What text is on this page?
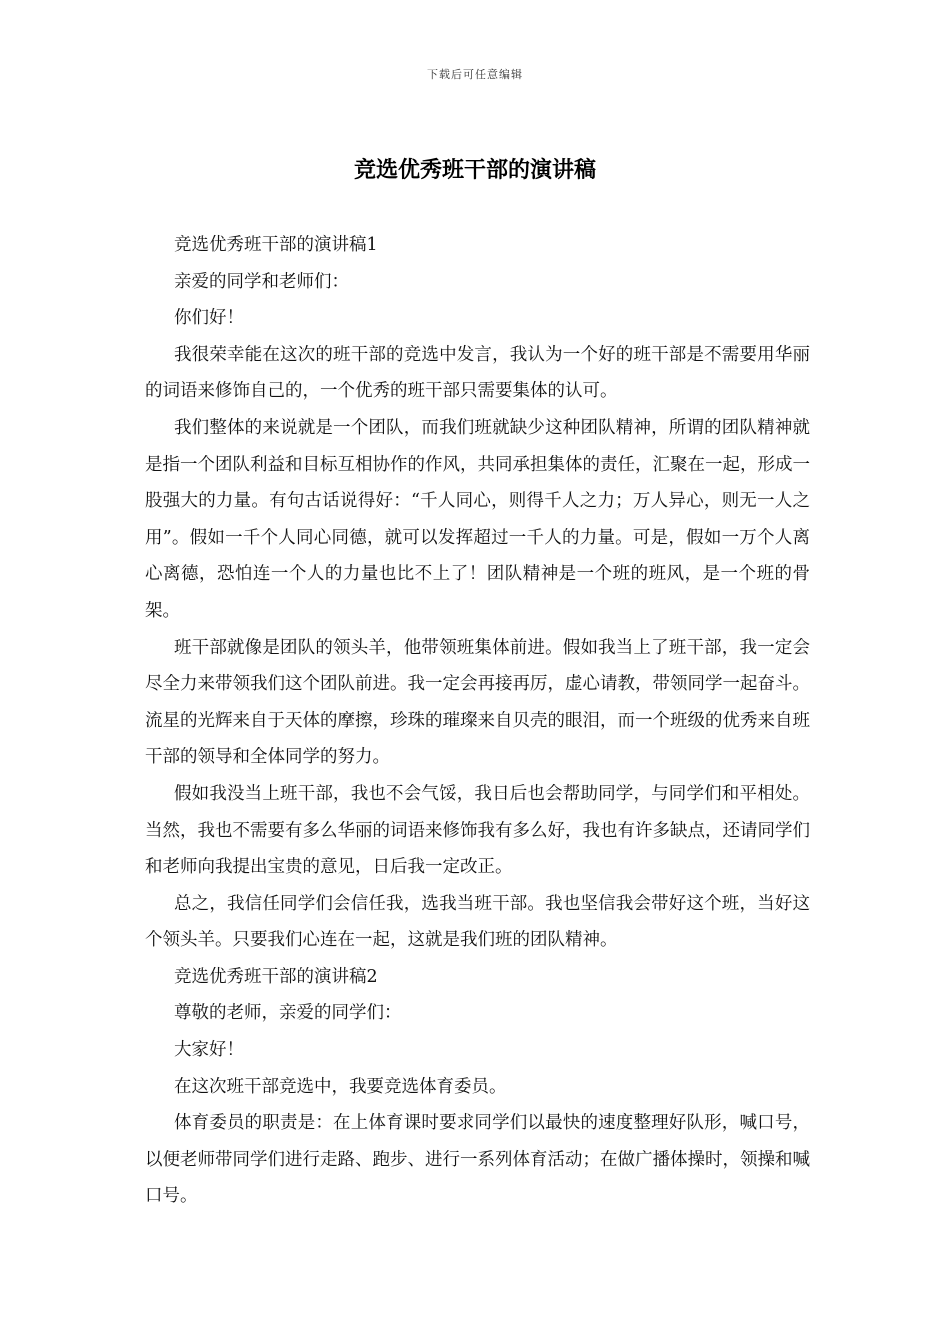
下载后可任意编辑
竞选优秀班干部的演讲稿

竞选优秀班干部的演讲稿1

亲爱的同学和老师们：

你们好！

我很荣幸能在这次的班干部的竞选中发言，我认为一个好的班干部是不需要用华丽的词语来修饰自己的，一个优秀的班干部只需要集体的认可。

我们整体的来说就是一个团队，而我们班就缺少这种团队精神，所谓的团队精神就是指一个团队利益和目标互相协作的作风，共同承担集体的责任，汇聚在一起，形成一股强大的力量。有句古话说得好：“千人同心，则得千人之力；万人异心，则无一人之用”。假如一千个人同心同德，就可以发挥超过一千人的力量。可是，假如一万个人离心离德，恐怕连一个人的力量也比不上了！团队精神是一个班的班风，是一个班的骨架。

班干部就像是团队的领头羊，他带领班集体前进。假如我当上了班干部，我一定会尽全力来带领我们这个团队前进。我一定会再接再厉，虚心请教，带领同学一起奋斗。流星的光辉来自于天体的摩擦，珍珠的璀璨来自贝壳的眼泪，而一个班级的优秀来自班干部的领导和全体同学的努力。

假如我没当上班干部，我也不会气馁，我日后也会帮助同学，与同学们和平相处。当然，我也不需要有多么华丽的词语来修饰我有多么好，我也有许多缺点，还请同学们和老师向我提出宝贵的意见，日后我一定改正。

总之，我信任同学们会信任我，选我当班干部。我也坚信我会带好这个班，当好这个领头羊。只要我们心连在一起，这就是我们班的团队精神。

竞选优秀班干部的演讲稿2

尊敬的老师，亲爱的同学们：

大家好！

在这次班干部竞选中，我要竞选体育委员。

体育委员的职责是：在上体育课时要求同学们以最快的速度整理好队形，喊口号，以便老师带同学们进行走路、跑步、进行一系列体育活动；在做广播体操时，领操和喊口号。
